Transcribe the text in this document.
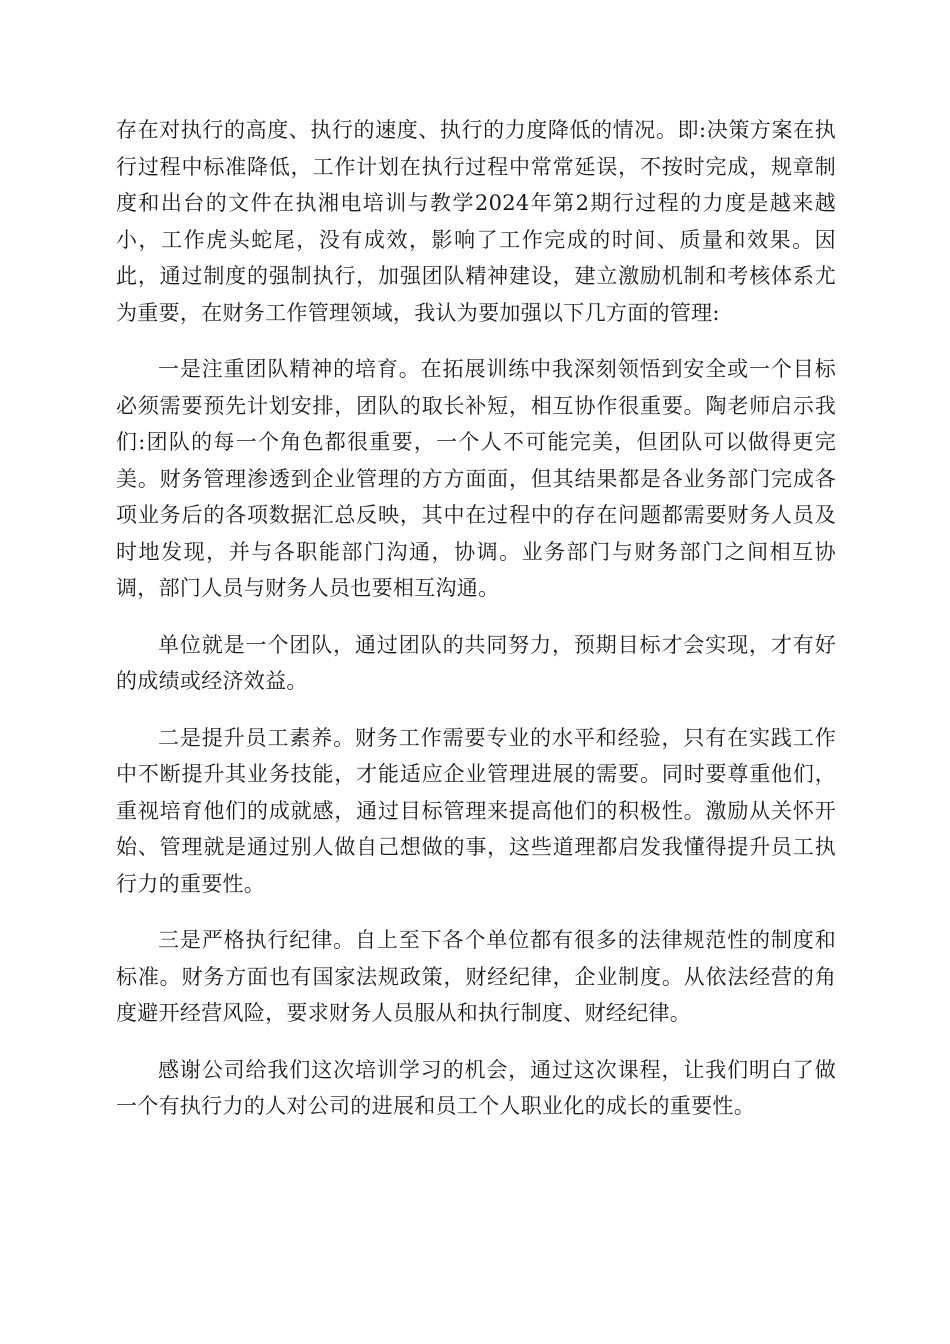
存在对执行的高度、执行的速度、执行的力度降低的情况。即:决策方案在执行过程中标准降低，工作计划在执行过程中常常延误，不按时完成，规章制度和出台的文件在执湘电培训与教学2024年第2期行过程的力度是越来越小，工作虎头蛇尾，没有成效，影响了工作完成的时间、质量和效果。因此，通过制度的强制执行，加强团队精神建设，建立激励机制和考核体系尤为重要，在财务工作管理领域，我认为要加强以下几方面的管理:

一是注重团队精神的培育。在拓展训练中我深刻领悟到安全或一个目标必须需要预先计划安排，团队的取长补短，相互协作很重要。陶老师启示我们:团队的每一个角色都很重要，一个人不可能完美，但团队可以做得更完美。财务管理渗透到企业管理的方方面面，但其结果都是各业务部门完成各项业务后的各项数据汇总反映，其中在过程中的存在问题都需要财务人员及时地发现，并与各职能部门沟通，协调。业务部门与财务部门之间相互协调，部门人员与财务人员也要相互沟通。

单位就是一个团队，通过团队的共同努力，预期目标才会实现，才有好的成绩或经济效益。

二是提升员工素养。财务工作需要专业的水平和经验，只有在实践工作中不断提升其业务技能，才能适应企业管理进展的需要。同时要尊重他们，重视培育他们的成就感，通过目标管理来提高他们的积极性。激励从关怀开始、管理就是通过别人做自己想做的事，这些道理都启发我懂得提升员工执行力的重要性。

三是严格执行纪律。自上至下各个单位都有很多的法律规范性的制度和标准。财务方面也有国家法规政策，财经纪律，企业制度。从依法经营的角度避开经营风险，要求财务人员服从和执行制度、财经纪律。

感谢公司给我们这次培训学习的机会，通过这次课程，让我们明白了做一个有执行力的人对公司的进展和员工个人职业化的成长的重要性。
